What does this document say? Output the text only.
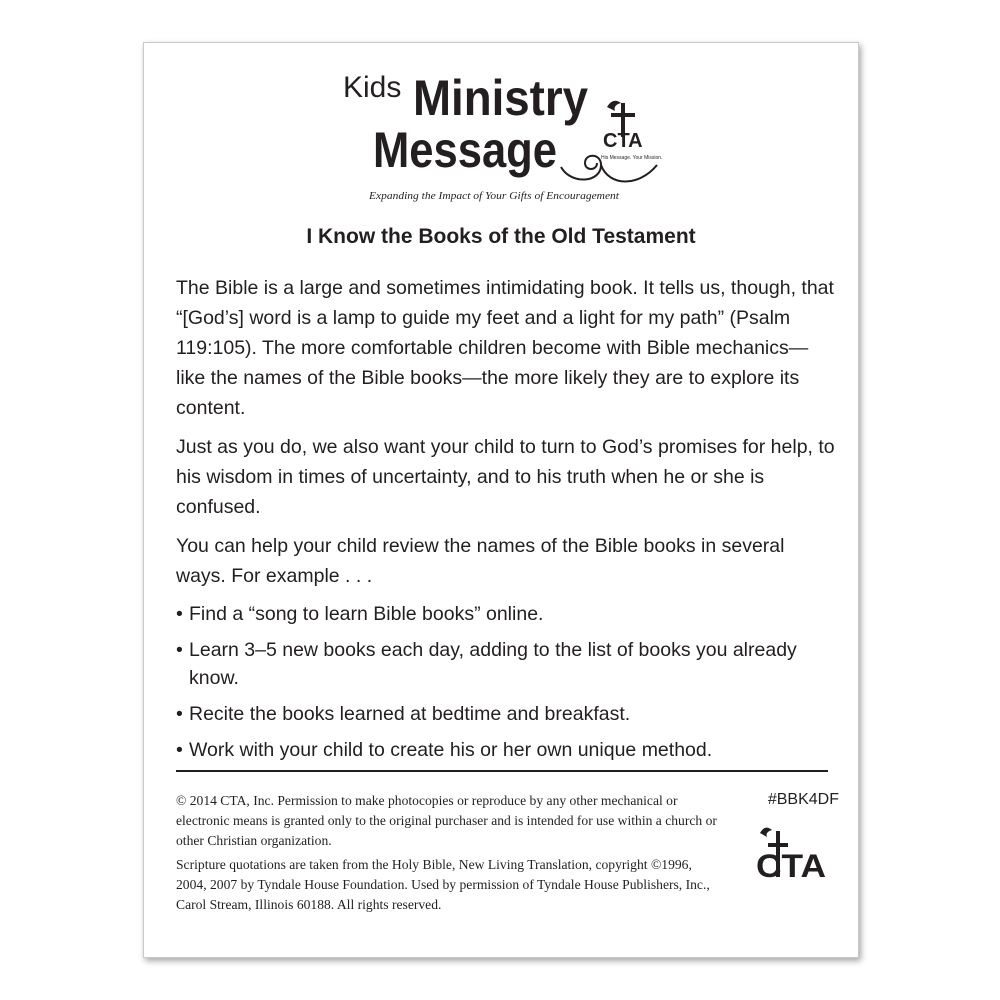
Kids Ministry
Message CTA
His Message. Your Mission.
Expanding the Impact of Your Gifts of Encouragement
I Know the Books of the Old Testament

The Bible is a large and sometimes intimidating book. It tells us, though, that “[God’s] word is a lamp to guide my feet and a light for my path” (Psalm 119:105). The more comfortable children become with Bible mechanics—like the names of the Bible books—the more likely they are to explore its content.

Just as you do, we also want your child to turn to God’s promises for help, to his wisdom in times of uncertainty, and to his truth when he or she is confused.

You can help your child review the names of the Bible books in several ways. For example . . .

• Find a “song to learn Bible books” online.
• Learn 3–5 new books each day, adding to the list of books you already know.
• Recite the books learned at bedtime and breakfast.
• Work with your child to create his or her own unique method.

© 2014 CTA, Inc. Permission to make photocopies or reproduce by any other mechanical or electronic means is granted only to the original purchaser and is intended for use within a church or other Christian organization.

Scripture quotations are taken from the Holy Bible, New Living Translation, copyright ©1996, 2004, 2007 by Tyndale House Foundation. Used by permission of Tyndale House Publishers, Inc., Carol Stream, Illinois 60188. All rights reserved.

#BBK4DF

CTA
